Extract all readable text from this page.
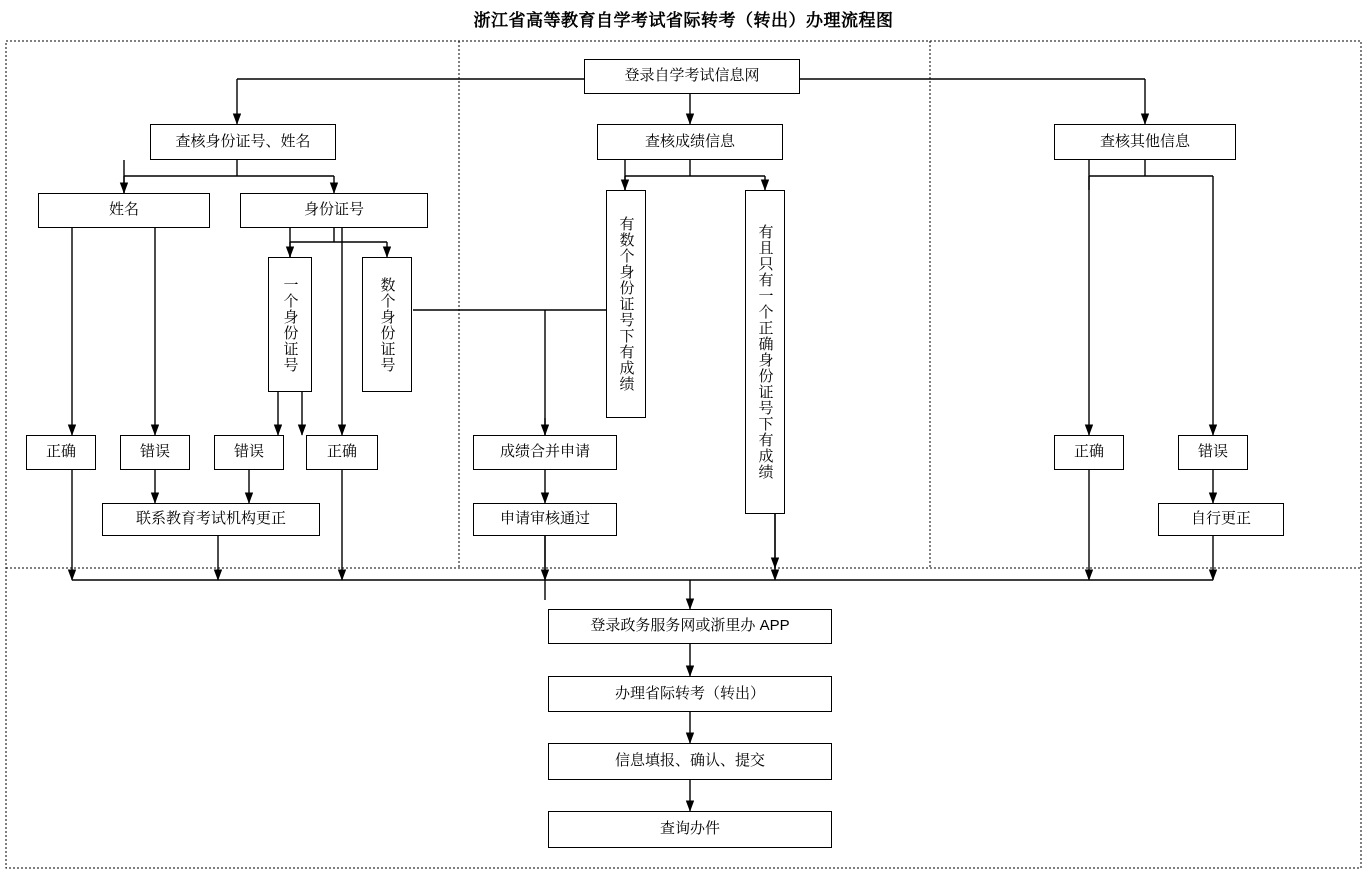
浙江省高等教育自学考试省际转考（转出）办理流程图
登录自学考试信息网
查核身份证号、姓名	查核成绩信息	查核其他信息
姓名	身份证号
一个身份证号	数个身份证号	有数个身份证号下有成绩	有且只有一个正确身份证号下有成绩
正确	错误	错误	正确	成绩合并申请
申请审核通过
联系教育考试机构更正
正确	错误
自行更正
登录政务服务网或浙里办 APP
办理省际转考（转出）
信息填报、确认、提交
查询办件
